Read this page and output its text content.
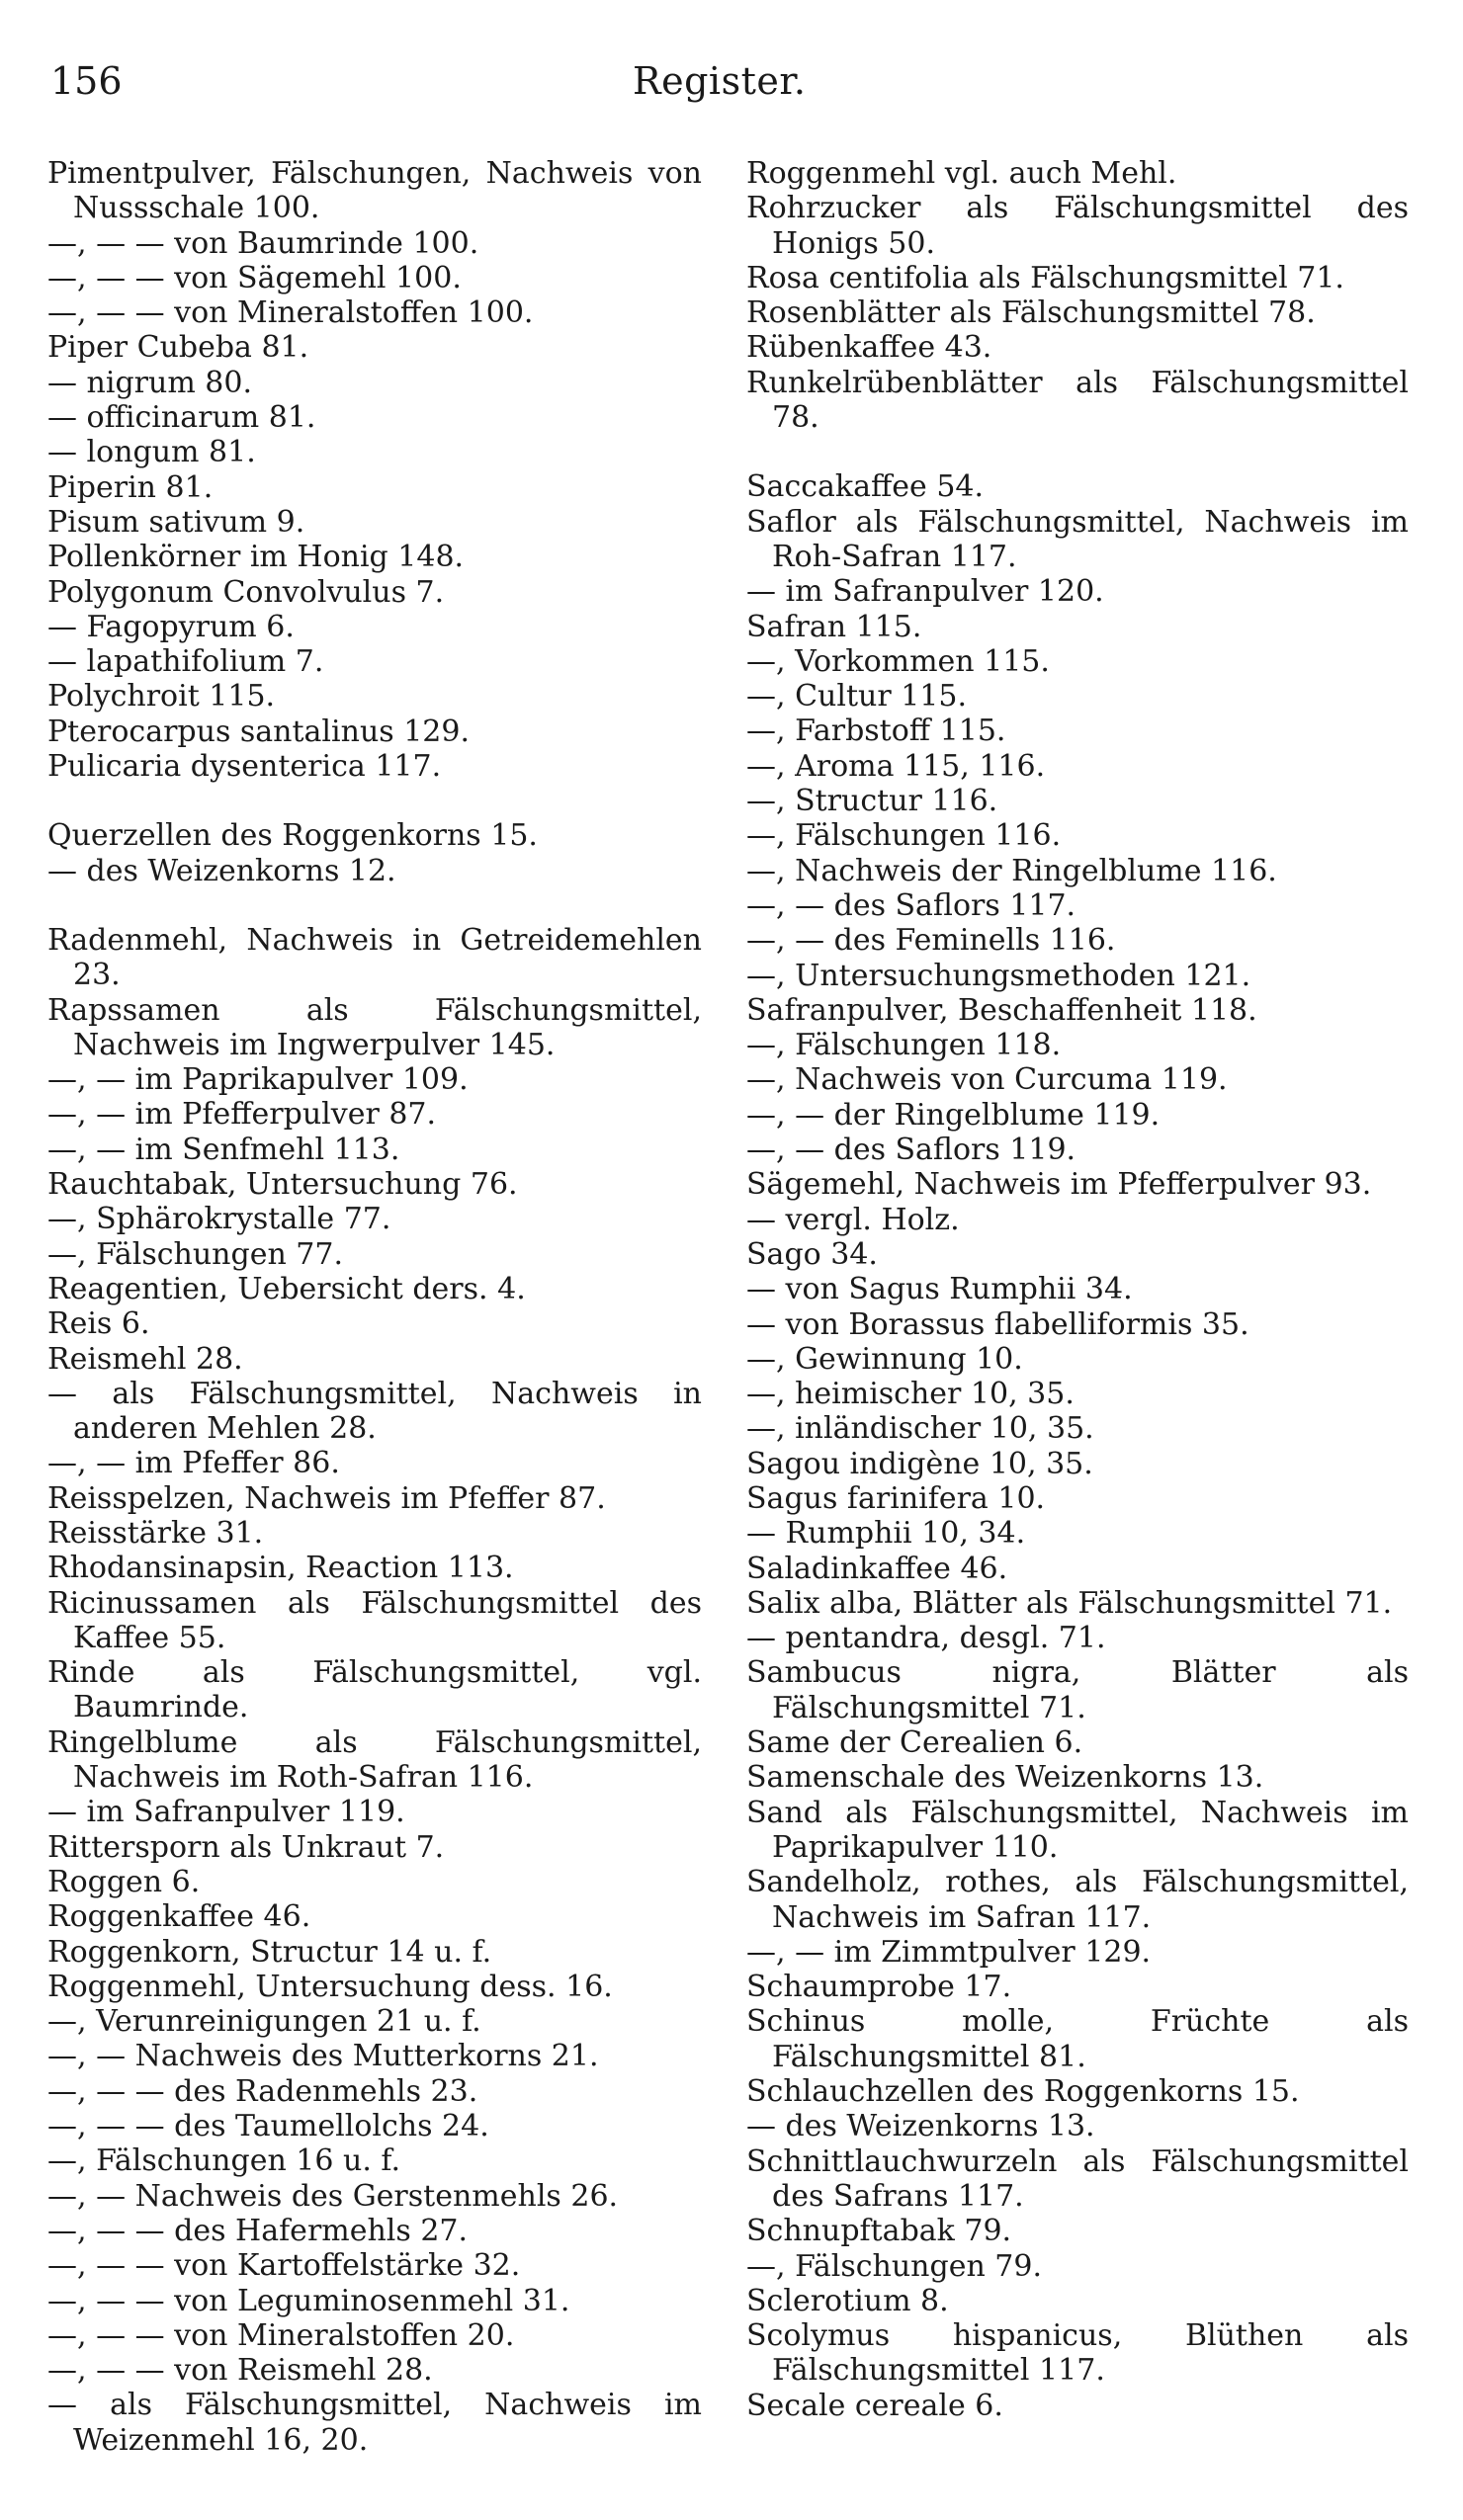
156	Register.
Pimentpulver, Fälschungen, Nachweis von Nussschale 100.
—, — — von Baumrinde 100.
—, — — von Sägemehl 100.
—, — — von Mineralstoffen 100.
Piper Cubeba 81.
— nigrum 80.
— officinarum 81.
— longum 81.
Piperin 81.
Pisum sativum 9.
Pollenkörner im Honig 148.
Polygonum Convolvulus 7.
— Fagopyrum 6.
— lapathifolium 7.
Polychroit 115.
Pterocarpus santalinus 129.
Pulicaria dysenterica 117.
Querzellen des Roggenkorns 15.
— des Weizenkorns 12.
Radenmehl, Nachweis in Getreidemehlen 23.
Rapssamen als Fälschungsmittel, Nachweis im Ingwerpulver 145.
—, — im Paprikapulver 109.
—, — im Pfefferpulver 87.
—, — im Senfmehl 113.
Rauchtabak, Untersuchung 76.
—, Sphärokrystalle 77.
—, Fälschungen 77.
Reagentien, Uebersicht ders. 4.
Reis 6.
Reismehl 28.
— als Fälschungsmittel, Nachweis in anderen Mehlen 28.
—, — im Pfeffer 86.
Reisspelzen, Nachweis im Pfeffer 87.
Reisstärke 31.
Rhodansinapsin, Reaction 113.
Ricinussamen als Fälschungsmittel des Kaffee 55.
Rinde als Fälschungsmittel, vgl. Baumrinde.
Ringelblume als Fälschungsmittel, Nachweis im Roth-Safran 116.
— im Safranpulver 119.
Rittersporn als Unkraut 7.
Roggen 6.
Roggenkaffee 46.
Roggenkorn, Structur 14 u. f.
Roggenmehl, Untersuchung dess. 16.
—, Verunreinigungen 21 u. f.
—, — Nachweis des Mutterkorns 21.
—, — — des Radenmehls 23.
—, — — des Taumellolchs 24.
—, Fälschungen 16 u. f.
—, — Nachweis des Gerstenmehls 26.
—, — — des Hafermehls 27.
—, — — von Kartoffelstärke 32.
—, — — von Leguminosenmehl 31.
—, — — von Mineralstoffen 20.
—, — — von Reismehl 28.
— als Fälschungsmittel, Nachweis im Weizenmehl 16, 20.
Roggenmehl vgl. auch Mehl.
Rohrzucker als Fälschungsmittel des Honigs 50.
Rosa centifolia als Fälschungsmittel 71.
Rosenblätter als Fälschungsmittel 78.
Rübenkaffee 43.
Runkelrübenblätter als Fälschungsmittel 78.
Saccakaffee 54.
Saflor als Fälschungsmittel, Nachweis im Roh-Safran 117.
— im Safranpulver 120.
Safran 115.
—, Vorkommen 115.
—, Cultur 115.
—, Farbstoff 115.
—, Aroma 115, 116.
—, Structur 116.
—, Fälschungen 116.
—, Nachweis der Ringelblume 116.
—, — des Saflors 117.
—, — des Feminells 116.
—, Untersuchungsmethoden 121.
Safranpulver, Beschaffenheit 118.
—, Fälschungen 118.
—, Nachweis von Curcuma 119.
—, — der Ringelblume 119.
—, — des Saflors 119.
Sägemehl, Nachweis im Pfefferpulver 93.
— vergl. Holz.
Sago 34.
— von Sagus Rumphii 34.
— von Borassus flabelliformis 35.
—, Gewinnung 10.
—, heimischer 10, 35.
—, inländischer 10, 35.
Sagou indigène 10, 35.
Sagus farinifera 10.
— Rumphii 10, 34.
Saladinkaffee 46.
Salix alba, Blätter als Fälschungsmittel 71.
— pentandra, desgl. 71.
Sambucus nigra, Blätter als Fälschungsmittel 71.
Same der Cerealien 6.
Samenschale des Weizenkorns 13.
Sand als Fälschungsmittel, Nachweis im Paprikapulver 110.
Sandelholz, rothes, als Fälschungsmittel, Nachweis im Safran 117.
—, — im Zimmtpulver 129.
Schaumprobe 17.
Schinus molle, Früchte als Fälschungsmittel 81.
Schlauchzellen des Roggenkorns 15.
— des Weizenkorns 13.
Schnittlauchwurzeln als Fälschungsmittel des Safrans 117.
Schnupftabak 79.
—, Fälschungen 79.
Sclerotium 8.
Scolymus hispanicus, Blüthen als Fälschungsmittel 117.
Secale cereale 6.
